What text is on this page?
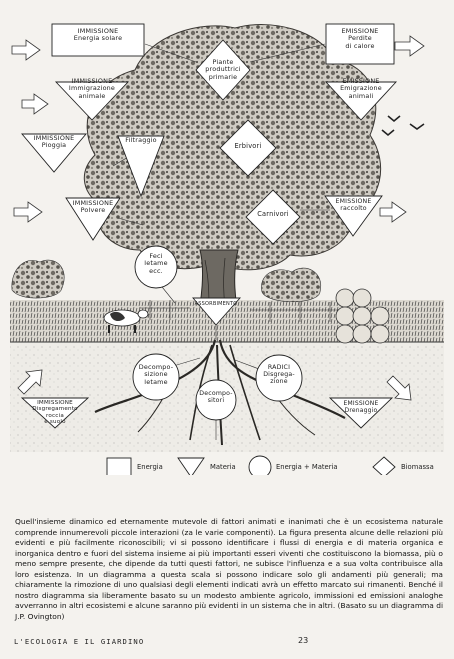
IMMISSIONE
Energia solare
EMISSIONE
Perdite
di calore
IMMISSIONE
Immigrazione
animale
EMISSIONE
Emigrazione
animali
Piante
produttrici
primarie
Filtraggio
Erbivori
IMMISSIONE
Pioggia
IMMISSIONE
Polvere	Carnivori
EMISSIONE
raccolto
Feci
letame
ecc.
ASSORBIMENTO
Decompo-
sizione
letame
RADICI
Disgrega-
zione
Decompo-
sitori
IMMISSIONE
Disgregamento
roccia
e suolo
EMISSIONE
Drenaggio
Energia	Materia	Energia + Materia	Biomassa
Quell'insieme dinamico ed eternamente mutevole di fattori animati e inanimati che è un ecosistema naturale comprende innumerevoli piccole interazioni (za le varie componenti). La figura presenta alcune delle relazioni più evidenti e più facilmente riconoscibili; vi si possono identificare i flussi di energia e di materia organica e inorganica dentro e fuori del sistema insieme ai più importanti esseri viventi che costituiscono la biomassa, più o meno sempre presente, che dipende da tutti questi fattori, ne subisce l'influenza e a sua volta contribuisce alla loro esistenza. In un diagramma a questa scala si possono indicare solo gli andamenti più generali; ma chiaramente la rimozione di uno qualsiasi degli elementi indicati avrà un effetto marcato sui rimanenti. Benché il nostro diagramma sia liberamente basato su un modesto ambiente agricolo, immissioni ed emissioni analoghe avverranno in altri ecosistemi e alcune saranno più evidenti in un sistema che in altri. (Basato su un diagramma di J.P. Ovington)
L'ECOLOGIA E IL GIARDINO	23
